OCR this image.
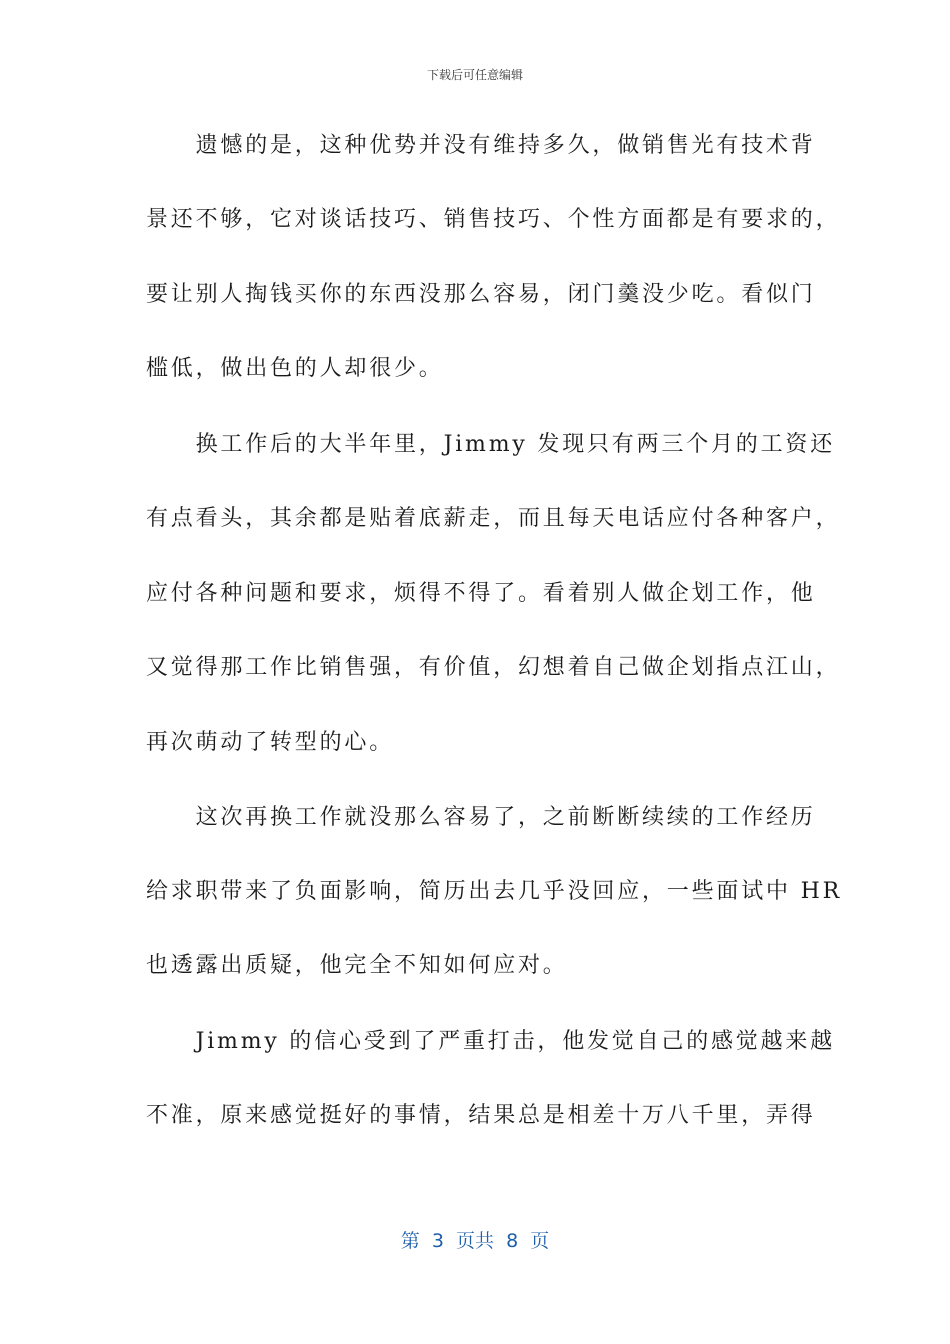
下载后可任意编辑
　　遗憾的是，这种优势并没有维持多久，做销售光有技术背
景还不够，它对谈话技巧、销售技巧、个性方面都是有要求的，
要让别人掏钱买你的东西没那么容易，闭门羹没少吃。看似门
槛低，做出色的人却很少。
　　换工作后的大半年里，Jimmy 发现只有两三个月的工资还
有点看头，其余都是贴着底薪走，而且每天电话应付各种客户，
应付各种问题和要求，烦得不得了。看着别人做企划工作，他
又觉得那工作比销售强，有价值，幻想着自己做企划指点江山，
再次萌动了转型的心。
　　这次再换工作就没那么容易了，之前断断续续的工作经历
给求职带来了负面影响，简历出去几乎没回应，一些面试中 HR
也透露出质疑，他完全不知如何应对。
　　Jimmy 的信心受到了严重打击，他发觉自己的感觉越来越
不准，原来感觉挺好的事情，结果总是相差十万八千里，弄得
第  3  页共  8  页
